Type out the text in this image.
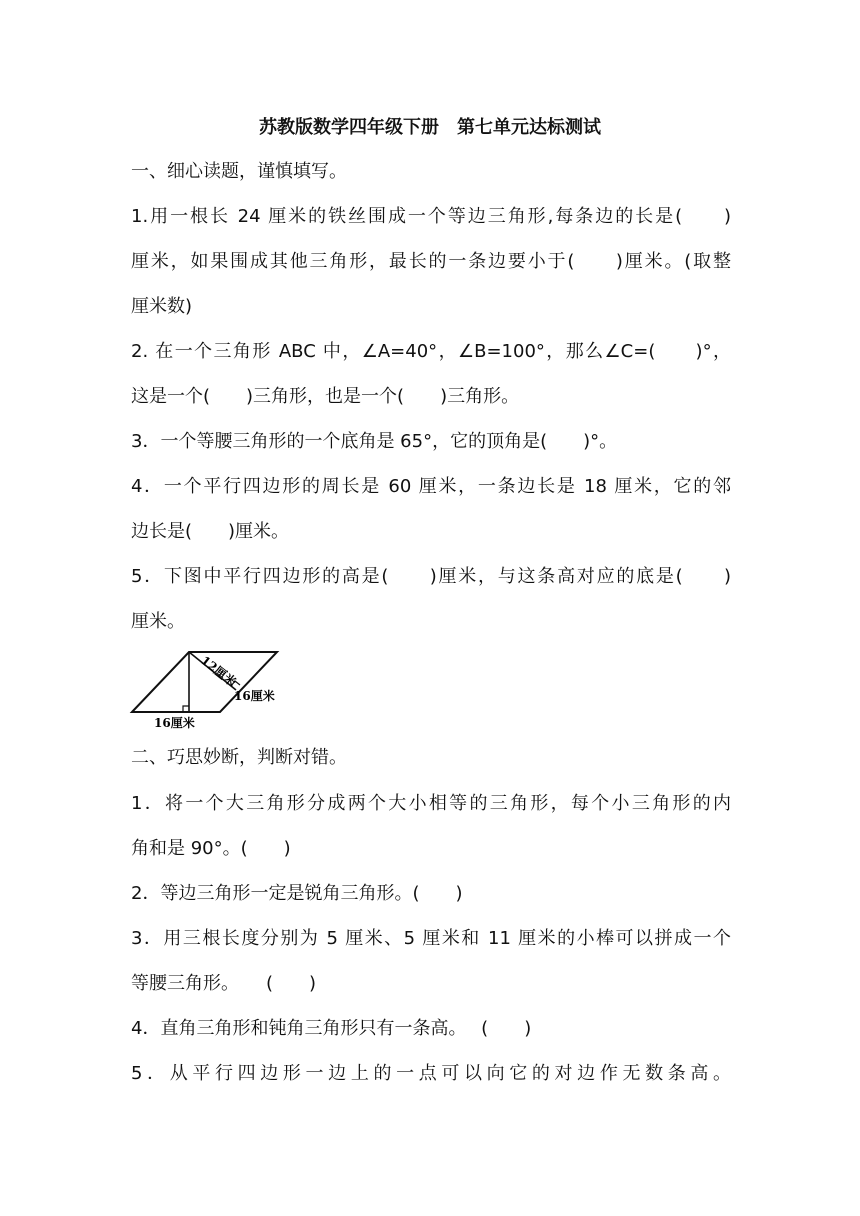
苏教版数学四年级下册　第七单元达标测试
一、细心读题，谨慎填写。
1.用一根长 24 厘米的铁丝围成一个等边三角形,每条边的长是(　　)
厘米，如果围成其他三角形，最长的一条边要小于(　　)厘米。(取整
厘米数)
2. 在一个三角形 ABC 中，∠A=40°，∠B=100°，那么∠C=(　　)°，
这是一个(　　)三角形，也是一个(　　)三角形。
3．一个等腰三角形的一个底角是 65°，它的顶角是(　　)°。
4．一个平行四边形的周长是 60 厘米，一条边长是 18 厘米，它的邻
边长是(　　)厘米。
5．下图中平行四边形的高是(　　)厘米，与这条高对应的底是(　　)
厘米。
12厘米
16厘米
16厘米
二、巧思妙断，判断对错。
1．将一个大三角形分成两个大小相等的三角形，每个小三角形的内
角和是 90°。(　　)
2．等边三角形一定是锐角三角形。(　　)
3．用三根长度分别为 5 厘米、5 厘米和 11 厘米的小棒可以拼成一个
等腰三角形。　　(　　)
4．直角三角形和钝角三角形只有一条高。　 (　　)
5．从平行四边形一边上的一点可以向它的对边作无数条高。
